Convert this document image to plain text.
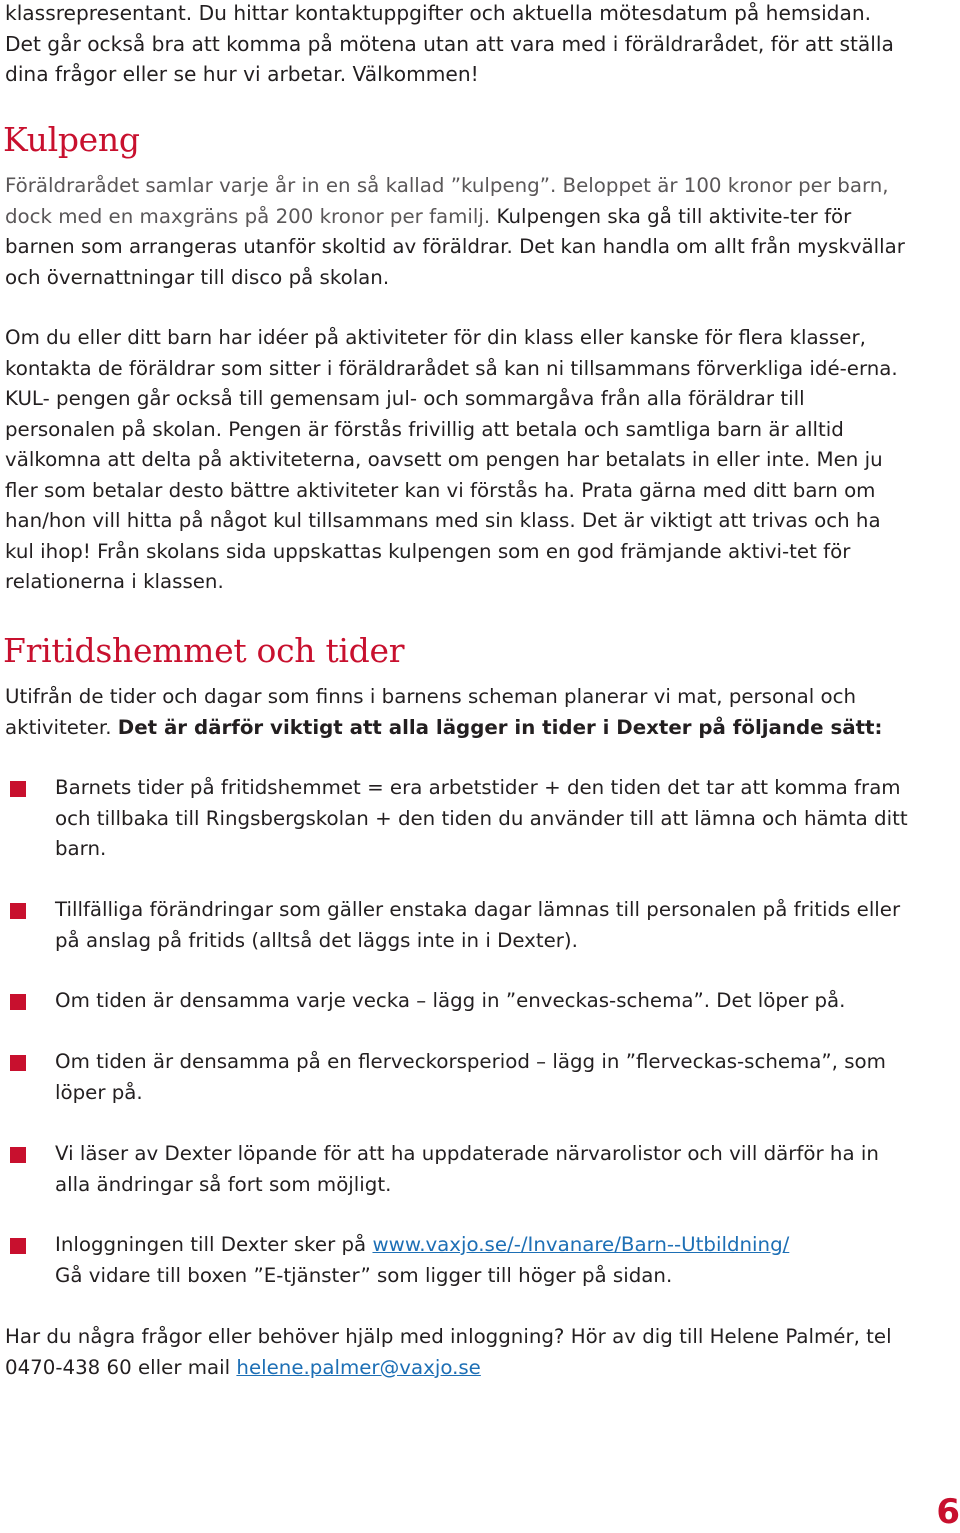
klassrepresentant. Du hittar kontaktuppgifter och aktuella mötesdatum på hemsidan.
Det går också bra att komma på mötena utan att vara med i föräldrarådet, för att ställa
dina frågor eller se hur vi arbetar. Välkommen!

Kulpeng

Föräldrarådet samlar varje år in en så kallad ”kulpeng”. Beloppet är 100 kronor per barn, dock med en maxgräns på 200 kronor per familj. Kulpengen ska gå till aktivite-ter för barnen som arrangeras utanför skoltid av föräldrar. Det kan handla om allt från myskvällar och övernattningar till disco på skolan.

Om du eller ditt barn har idéer på aktiviteter för din klass eller kanske för flera klasser, kontakta de föräldrar som sitter i föräldrarådet så kan ni tillsammans förverkliga idé-erna. KUL- pengen går också till gemensam jul- och sommargåva från alla föräldrar till personalen på skolan. Pengen är förstås frivillig att betala och samtliga barn är alltid välkomna att delta på aktiviteterna, oavsett om pengen har betalats in eller inte. Men ju fler som betalar desto bättre aktiviteter kan vi förstås ha. Prata gärna med ditt barn om han/hon vill hitta på något kul tillsammans med sin klass. Det är viktigt att trivas och ha kul ihop! Från skolans sida uppskattas kulpengen som en god främjande aktivi-tet för relationerna i klassen.

Fritidshemmet och tider

Utifrån de tider och dagar som finns i barnens scheman planerar vi mat, personal och aktiviteter. Det är därför viktigt att alla lägger in tider i Dexter på följande sätt:

Barnets tider på fritidshemmet = era arbetstider + den tiden det tar att komma fram och tillbaka till Ringsbergskolan + den tiden du använder till att lämna och hämta ditt barn.

Tillfälliga förändringar som gäller enstaka dagar lämnas till personalen på fritids eller på anslag på fritids (alltså det läggs inte in i Dexter).

Om tiden är densamma varje vecka – lägg in ”enveckas-schema”. Det löper på.

Om tiden är densamma på en flerveckorsperiod – lägg in ”flerveckas-schema”, som löper på.

Vi läser av Dexter löpande för att ha uppdaterade närvarolistor och vill därför ha in alla ändringar så fort som möjligt.

Inloggningen till Dexter sker på www.vaxjo.se/-/Invanare/Barn--Utbildning/
Gå vidare till boxen ”E-tjänster” som ligger till höger på sidan.

Har du några frågor eller behöver hjälp med inloggning? Hör av dig till Helene Palmér, tel 0470-438 60 eller mail helene.palmer@vaxjo.se

6
